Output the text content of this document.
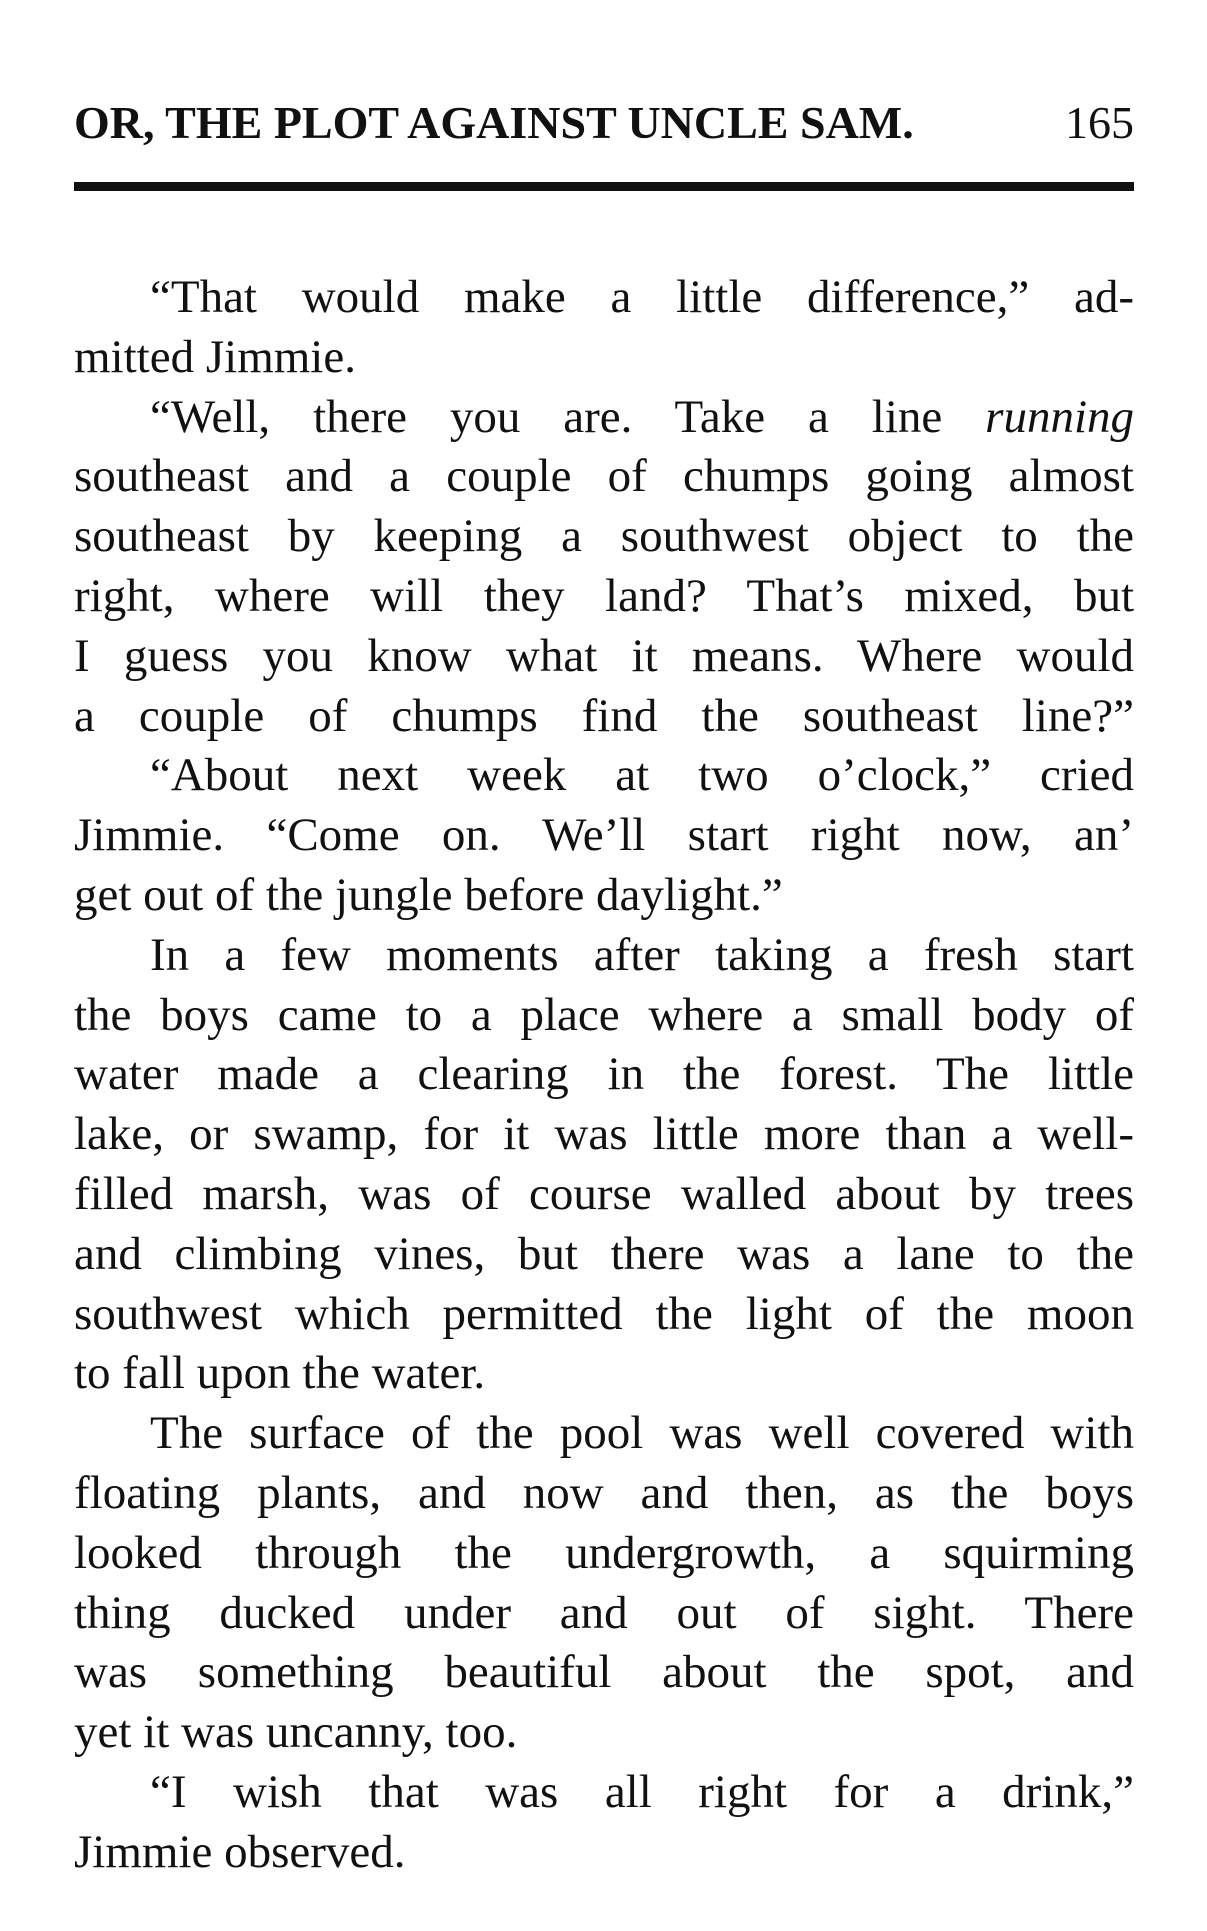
OR, THE PLOT AGAINST UNCLE SAM.	165
“That would make a little difference,” ad-
mitted Jimmie.
“Well, there you are. Take a line running
southeast and a couple of chumps going almost
southeast by keeping a southwest object to the
right, where will they land? That’s mixed, but
I guess you know what it means. Where would
a couple of chumps find the southeast line?”
“About next week at two o’clock,” cried
Jimmie. “Come on. We’ll start right now, an’
get out of the jungle before daylight.”
In a few moments after taking a fresh start
the boys came to a place where a small body of
water made a clearing in the forest. The little
lake, or swamp, for it was little more than a well-
filled marsh, was of course walled about by trees
and climbing vines, but there was a lane to the
southwest which permitted the light of the moon
to fall upon the water.
The surface of the pool was well covered with
floating plants, and now and then, as the boys
looked through the undergrowth, a squirming
thing ducked under and out of sight. There
was something beautiful about the spot, and
yet it was uncanny, too.
“I wish that was all right for a drink,”
Jimmie observed.
